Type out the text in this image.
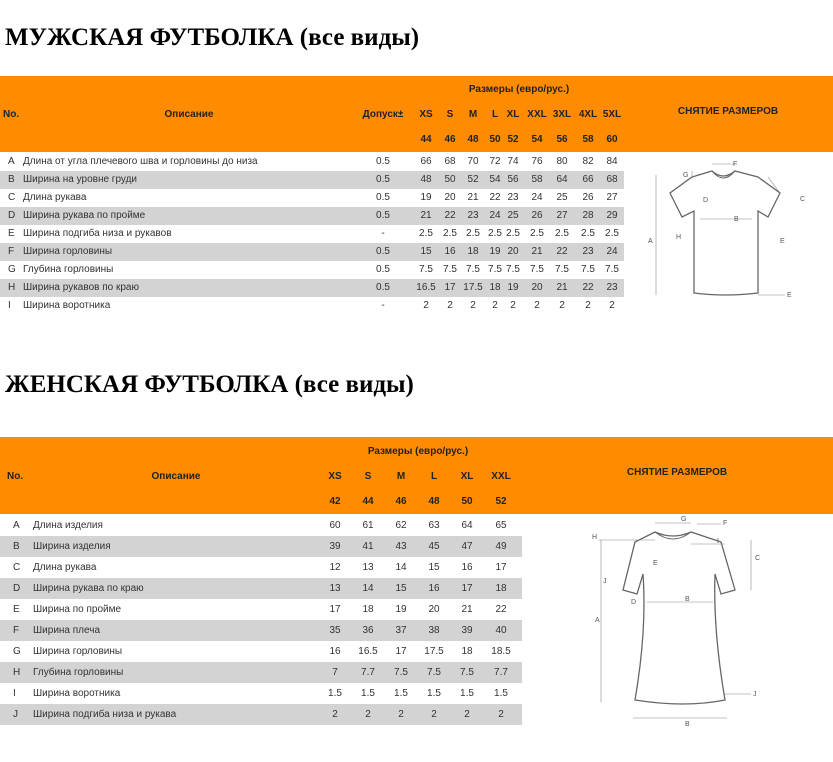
МУЖСКАЯ ФУТБОЛКА (все виды)
No.	Описание	Допуск±
Размеры (евро/рус.)
СНЯТИЕ РАЗМЕРОВ
XS S M L XL XXL 3XL 4XL 5XL
44 46 48 50 52 54 56 58 60
A Длина от угла плечевого шва и горловины до низа	0.5	66 68 70 72 74 76 80 82 84
B Ширина на уровне груди	0.5	48 50 52 54 56 58 64 66 68
C Длина рукава	0.5	19 20 21 22 23 24 25 26 27
D Ширина рукава по пройме	0.5	21 22 23 24 25 26 27 28 29
E Ширина подгиба низа и рукавов	-	2.5 2.5 2.5 2.5 2.5 2.5 2.5 2.5 2.5
F Ширина горловины	0.5	15 16 18 19 20 21 22 23 24
G Глубина горловины	0.5	7.5 7.5 7.5 7.5 7.5 7.5 7.5 7.5 7.5
H Ширина рукавов по краю	0.5	16.5 17 17.5 18 19 20 21 22 23
I Ширина воротника	-	2 2 2 2 2 2 2 2 2
F
G
B
A
C
D
H
E
E
ЖЕНСКАЯ ФУТБОЛКА (все виды)
No.	Описание
Размеры (евро/рус.)
СНЯТИЕ РАЗМЕРОВ
XS S	M	L XL XXL
42 44 46 48 50 52
A Длина изделия	60 61 62 63 64 65
B Ширина изделия	39 41 43 45 47 49
C Длина рукава	12 13 14 15 16 17
D Ширина рукава по краю	13 14 15 16 17 18
E Ширина по пройме	17 18 19 20 21 22
F Ширина плеча	35 36 37 38 39 40
G Ширина горловины	16 16.5 17 17.5 18 18.5
H Глубина горловины	7 7.7 7.5 7.5 7.5 7.7
I Ширина воротника	1.5 1.5 1.5 1.5 1.5 1.5
J Ширина подгиба низа и рукава	2	2	2	2	2	2
G
F
H
I
C
E
J
D	B
A
J
B
